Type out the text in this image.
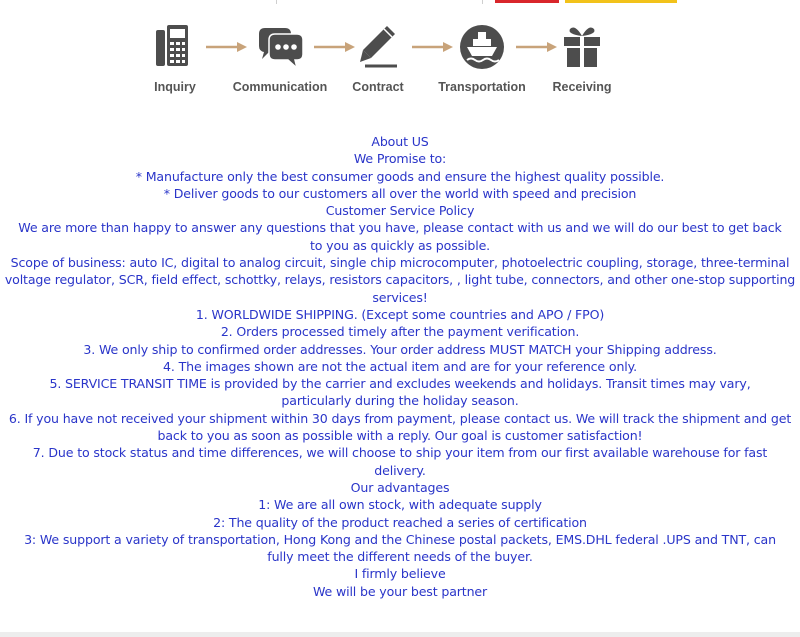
Inquiry	Communication	Contract	Transportation	Receiving

About US

We Promise to:

* Manufacture only the best consumer goods and ensure the highest quality possible.

* Deliver goods to our customers all over the world with speed and precision

Customer Service Policy

We are more than happy to answer any questions that you have, please contact with us and we will do our best to get back to you as quickly as possible.

Scope of business: auto IC, digital to analog circuit, single chip microcomputer, photoelectric coupling, storage, three-terminal voltage regulator, SCR, field effect, schottky, relays, resistors capacitors, , light tube, connectors, and other one-stop supporting services!

1. WORLDWIDE SHIPPING. (Except some countries and APO / FPO)

2. Orders processed timely after the payment verification.

3. We only ship to confirmed order addresses. Your order address MUST MATCH your Shipping address.

4. The images shown are not the actual item and are for your reference only.

5. SERVICE TRANSIT TIME is provided by the carrier and excludes weekends and holidays. Transit times may vary, particularly during the holiday season.

6. If you have not received your shipment within 30 days from payment, please contact us. We will track the shipment and get back to you as soon as possible with a reply. Our goal is customer satisfaction!

7. Due to stock status and time differences, we will choose to ship your item from our first available warehouse for fast delivery.

Our advantages

1: We are all own stock, with adequate supply

2: The quality of the product reached a series of certification

3: We support a variety of transportation, Hong Kong and the Chinese postal packets, EMS.DHL federal .UPS and TNT, can fully meet the different needs of the buyer.

I firmly believe

We will be your best partner
